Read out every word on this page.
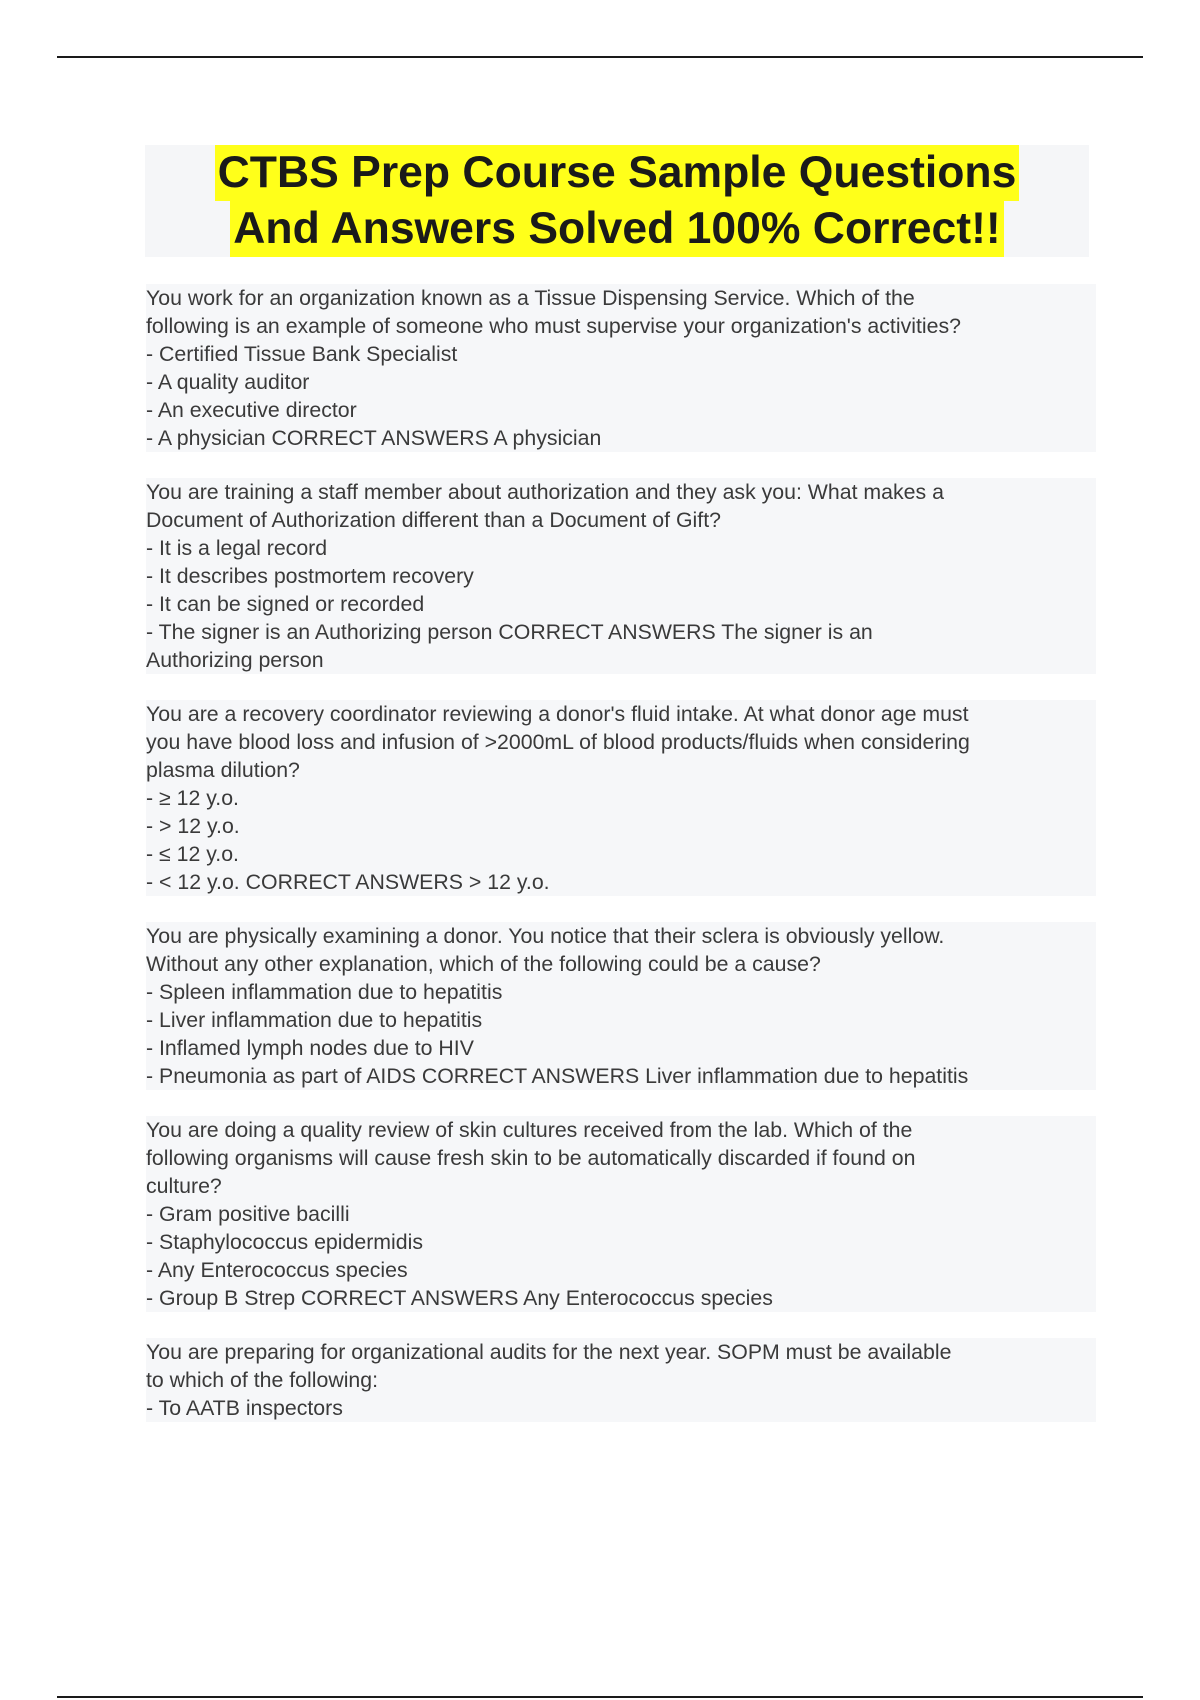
CTBS Prep Course Sample Questions
And Answers Solved 100% Correct!!
You work for an organization known as a Tissue Dispensing Service. Which of the
following is an example of someone who must supervise your organization's activities?
- Certified Tissue Bank Specialist
- A quality auditor
- An executive director
- A physician CORRECT ANSWERS A physician
You are training a staff member about authorization and they ask you: What makes a
Document of Authorization different than a Document of Gift?
- It is a legal record
- It describes postmortem recovery
- It can be signed or recorded
- The signer is an Authorizing person CORRECT ANSWERS The signer is an
Authorizing person
You are a recovery coordinator reviewing a donor's fluid intake. At what donor age must
you have blood loss and infusion of >2000mL of blood products/fluids when considering
plasma dilution?
- ≥ 12 y.o.
- > 12 y.o.
- ≤ 12 y.o.
- < 12 y.o. CORRECT ANSWERS > 12 y.o.
You are physically examining a donor. You notice that their sclera is obviously yellow.
Without any other explanation, which of the following could be a cause?
- Spleen inflammation due to hepatitis
- Liver inflammation due to hepatitis
- Inflamed lymph nodes due to HIV
- Pneumonia as part of AIDS CORRECT ANSWERS Liver inflammation due to hepatitis
You are doing a quality review of skin cultures received from the lab. Which of the
following organisms will cause fresh skin to be automatically discarded if found on
culture?
- Gram positive bacilli
- Staphylococcus epidermidis
- Any Enterococcus species
- Group B Strep CORRECT ANSWERS Any Enterococcus species
You are preparing for organizational audits for the next year. SOPM must be available
to which of the following:
- To AATB inspectors
